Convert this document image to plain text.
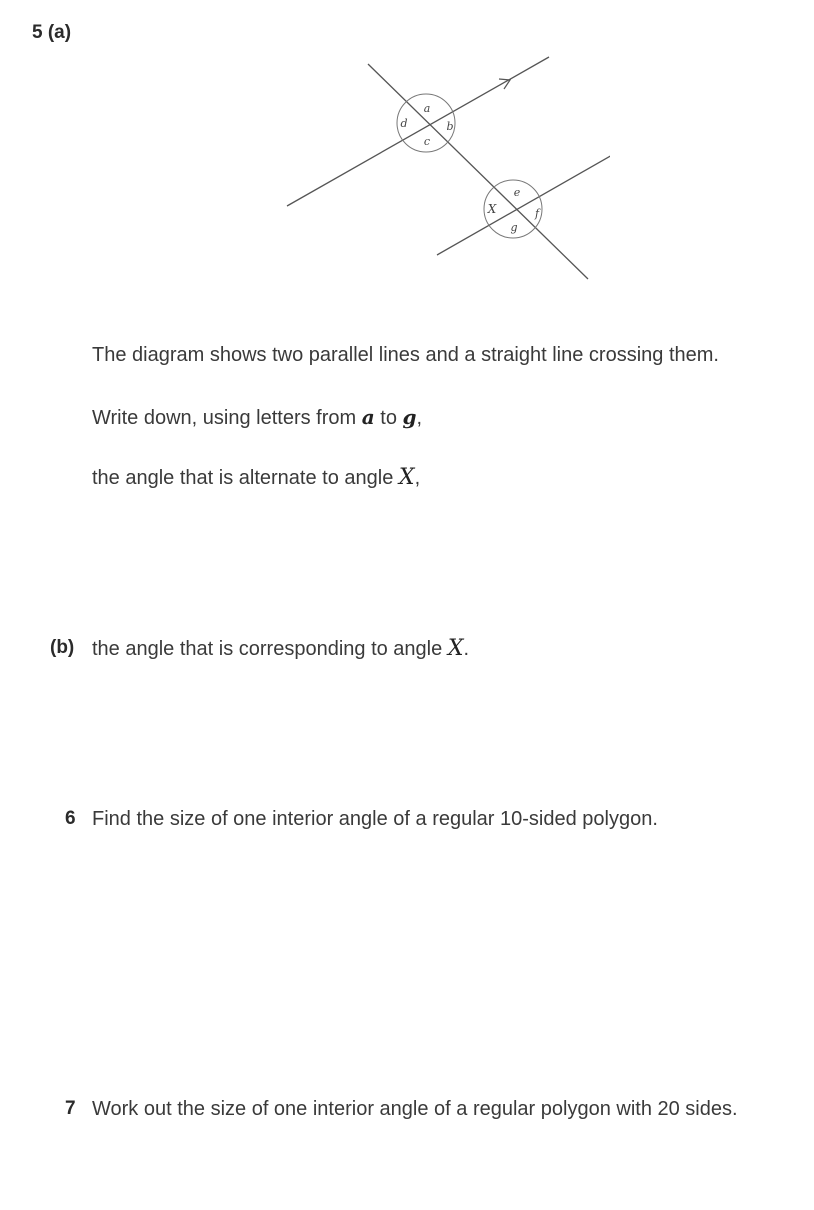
5 (a)
a
b
c
d
e
f
g
X
The diagram shows two parallel lines and a straight line crossing them.
Write down, using letters from a to g,
the angle that is alternate to angle X,
(b) the angle that is corresponding to angle X.
6 Find the size of one interior angle of a regular 10-sided polygon.
7 Work out the size of one interior angle of a regular polygon with 20 sides.
